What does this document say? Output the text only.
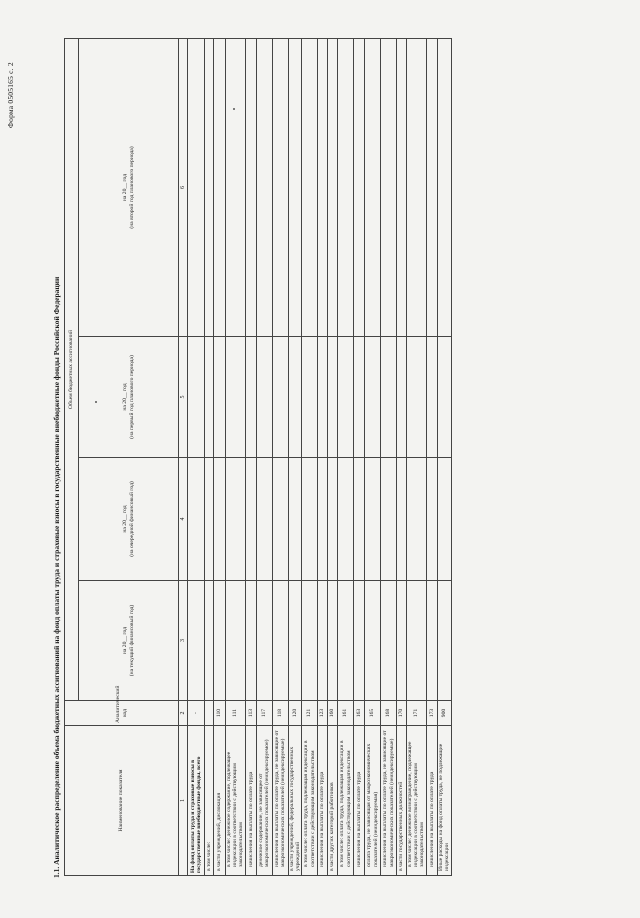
Форма 0505165 с. 2
1.1. Аналитическое распределение объема бюджетных ассигнований на фонд оплаты труда и страховые взносы в государственные внебюджетные фонды Российской Федерации	Наименование показателя	Аналитический код	Объем бюджетных ассигнований			

		на 20__ год (на текущий финансовый год)	на 20__ год (на очередной финансовый год)	на 20__ год (на первый год планового периода)	на 20__ год (на второй год планового периода)

1	2	3	4	5	6
На фонд оплаты труда и страховые взносы в государственные внебюджетные фонды, всего	-				
в том числе:					
в части учреждений, дислокация	110				
в том числе: денежное содержание, подлежащее индексации в соответствии с действующим законодательством	111				
начисления на выплаты по оплате труда	113				
денежное содержание, не зависящее от макроэкономических показателей (неиндексируемое)	117				
начисления на выплаты по оплате труда, не зависящие от макроэкономических показателей (неиндексируемые)	118				
в части учреждений, федеральных государственных учреждений	120				
в том числе: оплата труда, подлежащая индексации в соответствии с действующим законодательством	121				
начисления на выплаты по оплате труда	123				
в части других категорий работников	160				
в том числе: оплата труда, подлежащая индексации в соответствии с действующим законодательством	161				
начисления на выплаты по оплате труда	163				
оплата труда, не зависящая от макроэкономических показателей (неиндексируемая)	165				
начисления на выплаты по оплате труда, не зависящие от макроэкономических показателей (неиндексируемые)	168				
в части государственных должностей	170				
в том числе: денежное вознаграждение, подлежащее индексации в соответствии с действующим законодательством	171				
начисления на выплаты по оплате труда	173				
Иные расходы на фонд оплаты труда, не подлежащие индексации	900				
